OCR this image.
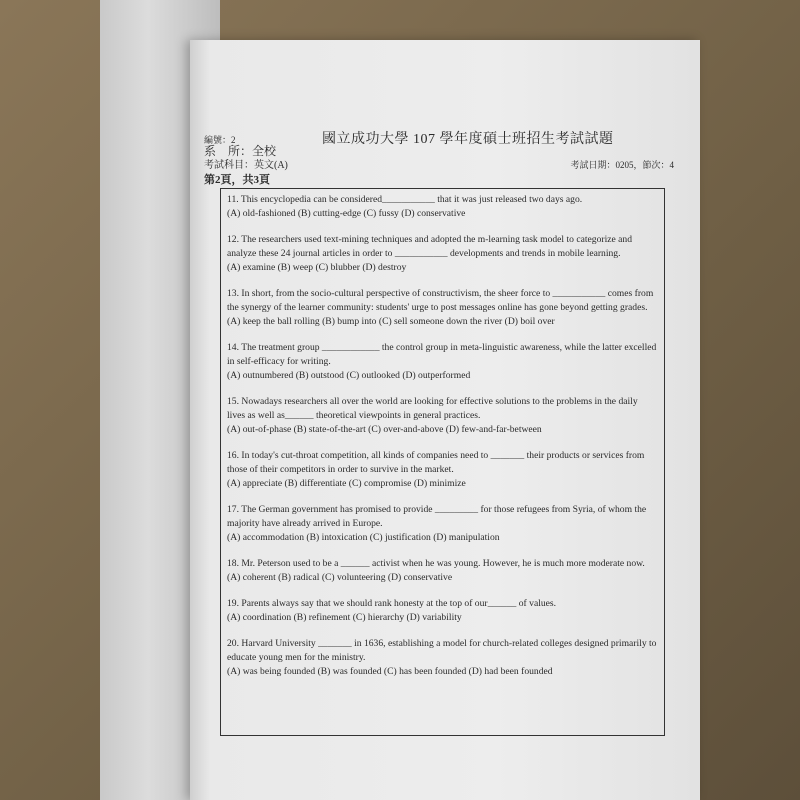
編號：2	國立成功大學 107 學年度碩士班招生考試試題
系　所：全校
考試科目：英文(A)	考試日期：0205，節次：4
第2頁，共3頁
11. This encyclopedia can be considered___________ that it was just released two days ago.
(A) old-fashioned (B) cutting-edge (C) fussy (D) conservative
12. The researchers used text-mining techniques and adopted the m-learning task model to categorize and analyze these 24 journal articles in order to ___________ developments and trends in mobile learning.
(A) examine (B) weep (C) blubber (D) destroy
13. In short, from the socio-cultural perspective of constructivism, the sheer force to ___________ comes from the synergy of the learner community: students' urge to post messages online has gone beyond getting grades.
(A) keep the ball rolling (B) bump into (C) sell someone down the river (D) boil over
14. The treatment group ____________ the control group in meta-linguistic awareness, while the latter excelled in self-efficacy for writing.
(A) outnumbered (B) outstood (C) outlooked (D) outperformed
15. Nowadays researchers all over the world are looking for effective solutions to the problems in the daily lives as well as______ theoretical viewpoints in general practices.
(A) out-of-phase (B) state-of-the-art (C) over-and-above (D) few-and-far-between
16. In today's cut-throat competition, all kinds of companies need to _______ their products or services from those of their competitors in order to survive in the market.
(A) appreciate (B) differentiate (C) compromise (D) minimize
17. The German government has promised to provide _________ for those refugees from Syria, of whom the majority have already arrived in Europe.
(A) accommodation (B) intoxication (C) justification (D) manipulation
18. Mr. Peterson used to be a ______ activist when he was young. However, he is much more moderate now.
(A) coherent (B) radical (C) volunteering (D) conservative
19. Parents always say that we should rank honesty at the top of our______ of values.
(A) coordination (B) refinement (C) hierarchy (D) variability
20. Harvard University _______ in 1636, establishing a model for church-related colleges designed primarily to educate young men for the ministry.
(A) was being founded (B) was founded (C) has been founded (D) had been founded
